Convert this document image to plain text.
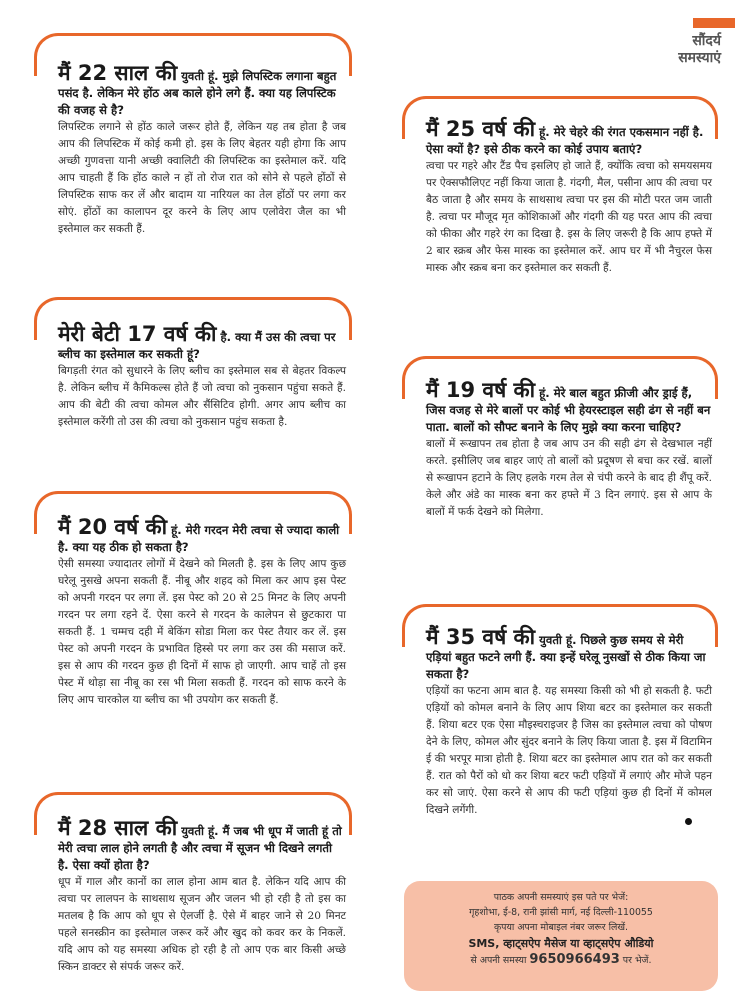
सौंदर्य
समस्याएं

मैं 22 साल की युवती हूं. मुझे लिपस्टिक लगाना बहुत पसंद है. लेकिन मेरे होंठ अब काले होने लगे हैं. क्या यह लिपस्टिक की वजह से है?

लिपस्टिक लगाने से होंठ काले जरूर होते हैं, लेकिन यह तब होता है जब आप की लिपस्टिक में कोई कमी हो. इस के लिए बेहतर यही होगा कि आप अच्छी गुणवत्ता यानी अच्छी क्वालिटी की लिपस्टिक का इस्तेमाल करें. यदि आप चाहती हैं कि होंठ काले न हों तो रोज रात को सोने से पहले होंठों से लिपस्टिक साफ कर लें और बादाम या नारियल का तेल होंठों पर लगा कर सोएं. होंठों का कालापन दूर करने के लिए आप एलोवेरा जैल का भी इस्तेमाल कर सकती हैं.

मेरी बेटी 17 वर्ष की है. क्या मैं उस की त्वचा पर ब्लीच का इस्तेमाल कर सकती हूं?

बिगड़ती रंगत को सुधारने के लिए ब्लीच का इस्तेमाल सब से बेहतर विकल्प है. लेकिन ब्लीच में कैमिकल्स होते हैं जो त्वचा को नुकसान पहुंचा सकते हैं. आप की बेटी की त्वचा कोमल और सैंसिटिव होगी. अगर आप ब्लीच का इस्तेमाल करेंगी तो उस की त्वचा को नुकसान पहुंच सकता है.

मैं 20 वर्ष की हूं. मेरी गरदन मेरी त्वचा से ज्यादा काली है. क्या यह ठीक हो सकता है?

ऐसी समस्या ज्यादातर लोगों में देखने को मिलती है. इस के लिए आप कुछ घरेलू नुसखे अपना सकती हैं. नीबू और शहद को मिला कर आप इस पेस्ट को अपनी गरदन पर लगा लें. इस पेस्ट को 20 से 25 मिनट के लिए अपनी गरदन पर लगा रहने दें. ऐसा करने से गरदन के कालेपन से छुटकारा पा सकती हैं. 1 चम्मच दही में बेकिंग सोडा मिला कर पेस्ट तैयार कर लें. इस पेस्ट को अपनी गरदन के प्रभावित हिस्से पर लगा कर उस की मसाज करें. इस से आप की गरदन कुछ ही दिनों में साफ हो जाएगी. आप चाहें तो इस पेस्ट में थोड़ा सा नीबू का रस भी मिला सकती हैं. गरदन को साफ करने के लिए आप चारकोल या ब्लीच का भी उपयोग कर सकती हैं.

मैं 28 साल की युवती हूं. मैं जब भी धूप में जाती हूं तो मेरी त्वचा लाल होने लगती है और त्वचा में सूजन भी दिखने लगती है. ऐसा क्यों होता है?

धूप में गाल और कानों का लाल होना आम बात है. लेकिन यदि आप की त्वचा पर लालपन के साथसाथ सूजन और जलन भी हो रही है तो इस का मतलब है कि आप को धूप से ऐलर्जी है. ऐसे में बाहर जाने से 20 मिनट पहले सनस्क्रीन का इस्तेमाल जरूर करें और खुद को कवर कर के निकलें. यदि आप को यह समस्या अधिक हो रही है तो आप एक बार किसी अच्छे स्किन डाक्टर से संपर्क जरूर करें.

मैं 25 वर्ष की हूं. मेरे चेहरे की रंगत एकसमान नहीं है. ऐसा क्यों है? इसे ठीक करने का कोई उपाय बताएं?

त्वचा पर गहरे और टैंड पैच इसलिए हो जाते हैं, क्योंकि त्वचा को समयसमय पर ऐक्सफौलिएट नहीं किया जाता है. गंदगी, मैल, पसीना आप की त्वचा पर बैठ जाता है और समय के साथसाथ त्वचा पर इस की मोटी परत जम जाती है. त्वचा पर मौजूद मृत कोशिकाओं और गंदगी की यह परत आप की त्वचा को फीका और गहरे रंग का दिखा है. इस के लिए जरूरी है कि आप हफ्ते में 2 बार स्क्रब और फेस मास्क का इस्तेमाल करें. आप घर में भी नैचुरल फेस मास्क और स्क्रब बना कर इस्तेमाल कर सकती हैं.

मैं 19 वर्ष की हूं. मेरे बाल बहुत फ्रीजी और ड्राई हैं, जिस वजह से मेरे बालों पर कोई भी हेयरस्टाइल सही ढंग से नहीं बन पाता. बालों को सौफ्ट बनाने के लिए मुझे क्या करना चाहिए?

बालों में रूखापन तब होता है जब आप उन की सही ढंग से देखभाल नहीं करते. इसीलिए जब बाहर जाएं तो बालों को प्रदूषण से बचा कर रखें. बालों से रूखापन हटाने के लिए हलके गरम तेल से चंपी करने के बाद ही शैंपू करें. केले और अंडे का मास्क बना कर हफ्ते में 3 दिन लगाएं. इस से आप के बालों में फर्क देखने को मिलेगा.

मैं 35 वर्ष की युवती हूं. पिछले कुछ समय से मेरी एड़ियां बहुत फटने लगी हैं. क्या इन्हें घरेलू नुसखों से ठीक किया जा सकता है?

एड़ियों का फटना आम बात है. यह समस्या किसी को भी हो सकती है. फटी एड़ियों को कोमल बनाने के लिए आप शिया बटर का इस्तेमाल कर सकती हैं. शिया बटर एक ऐसा मौइस्चराइजर है जिस का इस्तेमाल त्वचा को पोषण देने के लिए, कोमल और सुंदर बनाने के लिए किया जाता है. इस में विटामिन ई की भरपूर मात्रा होती है. शिया बटर का इस्तेमाल आप रात को कर सकती हैं. रात को पैरों को धो कर शिया बटर फटी एड़ियों में लगाएं और मोजे पहन कर सो जाएं. ऐसा करने से आप की फटी एड़ियां कुछ ही दिनों में कोमल दिखने लगेंगी.

पाठक अपनी समस्याएं इस पते पर भेजें:
गृहशोभा, ई-8, रानी झांसी मार्ग, नई दिल्ली-110055
कृपया अपना मोबाइल नंबर जरूर लिखें.
SMS, व्हाट्सऐप मैसेज या व्हाट्सऐप औडियो
से अपनी समस्या 9650966493 पर भेजें.
